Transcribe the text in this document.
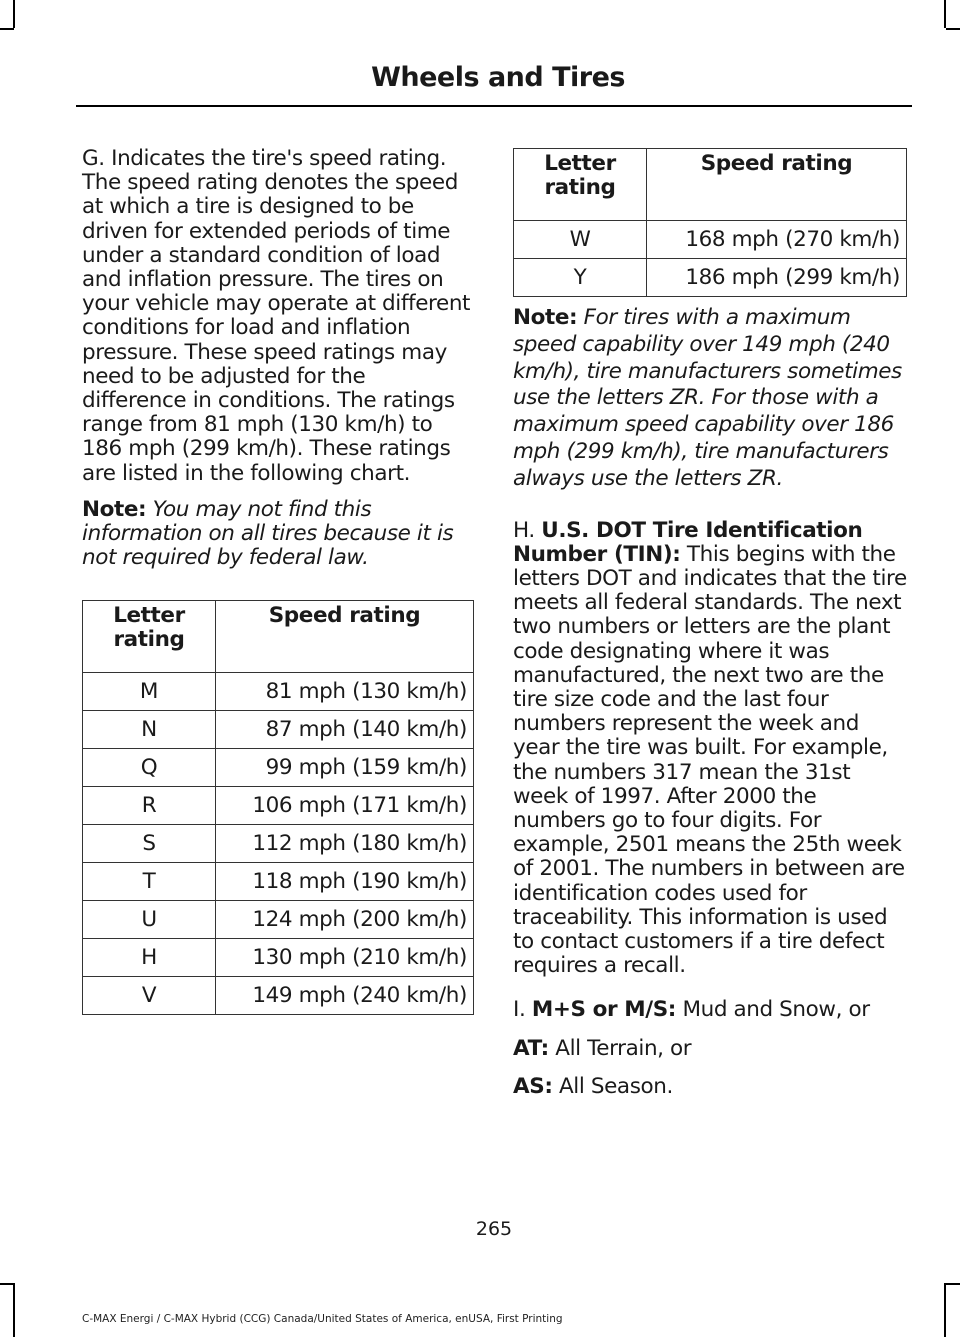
Wheels and Tires

G. Indicates the tire's speed rating. The speed rating denotes the speed at which a tire is designed to be driven for extended periods of time under a standard condition of load and inflation pressure. The tires on your vehicle may operate at different conditions for load and inflation pressure. These speed ratings may need to be adjusted for the difference in conditions. The ratings range from 81 mph (130 km/h) to 186 mph (299 km/h). These ratings are listed in the following chart.

Note: You may not find this information on all tires because it is not required by federal law.

Letter rating	Speed rating
M	81 mph (130 km/h)
N	87 mph (140 km/h)
Q	99 mph (159 km/h)
R	106 mph (171 km/h)
S	112 mph (180 km/h)
T	118 mph (190 km/h)
U	124 mph (200 km/h)
H	130 mph (210 km/h)
V	149 mph (240 km/h)
Letter rating	Speed rating
W	168 mph (270 km/h)
Y	186 mph (299 km/h)

Note: For tires with a maximum speed capability over 149 mph (240 km/h), tire manufacturers sometimes use the letters ZR. For those with a maximum speed capability over 186 mph (299 km/h), tire manufacturers always use the letters ZR.

H. U.S. DOT Tire Identification Number (TIN): This begins with the letters DOT and indicates that the tire meets all federal standards. The next two numbers or letters are the plant code designating where it was manufactured, the next two are the tire size code and the last four numbers represent the week and year the tire was built. For example, the numbers 317 mean the 31st week of 1997. After 2000 the numbers go to four digits. For example, 2501 means the 25th week of 2001. The numbers in between are identification codes used for traceability. This information is used to contact customers if a tire defect requires a recall.

I. M+S or M/S: Mud and Snow, or

AT: All Terrain, or

AS: All Season.

265
C-MAX Energi / C-MAX Hybrid (CCG) Canada/United States of America, enUSA, First Printing
